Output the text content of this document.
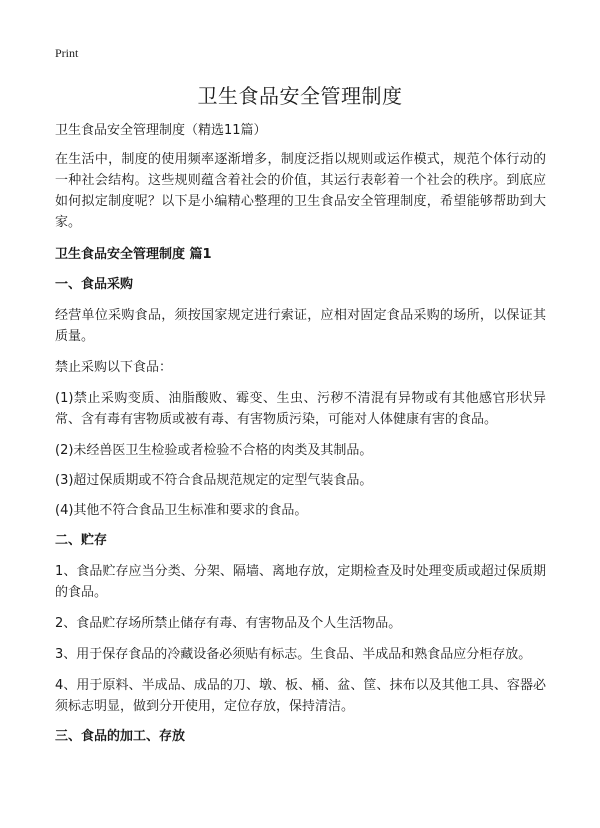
Print
卫生食品安全管理制度

卫生食品安全管理制度（精选11篇）

在生活中，制度的使用频率逐渐增多，制度泛指以规则或运作模式，规范个体行动的一种社会结构。这些规则蕴含着社会的价值，其运行表彰着一个社会的秩序。到底应如何拟定制度呢？以下是小编精心整理的卫生食品安全管理制度，希望能够帮助到大家。

卫生食品安全管理制度 篇1

一、食品采购

经营单位采购食品，须按国家规定进行索证，应相对固定食品采购的场所，以保证其质量。

禁止采购以下食品：

(1)禁止采购变质、油脂酸败、霉变、生虫、污秽不清混有异物或有其他感官形状异常、含有毒有害物质或被有毒、有害物质污染，可能对人体健康有害的食品。

(2)未经兽医卫生检验或者检验不合格的肉类及其制品。

(3)超过保质期或不符合食品规范规定的定型气装食品。

(4)其他不符合食品卫生标准和要求的食品。

二、贮存

1、食品贮存应当分类、分架、隔墙、离地存放，定期检查及时处理变质或超过保质期的食品。

2、食品贮存场所禁止储存有毒、有害物品及个人生活物品。

3、用于保存食品的冷藏设备必须贴有标志。生食品、半成品和熟食品应分柜存放。

4、用于原料、半成品、成品的刀、墩、板、桶、盆、筐、抹布以及其他工具、容器必须标志明显，做到分开使用，定位存放，保持清洁。

三、食品的加工、存放
